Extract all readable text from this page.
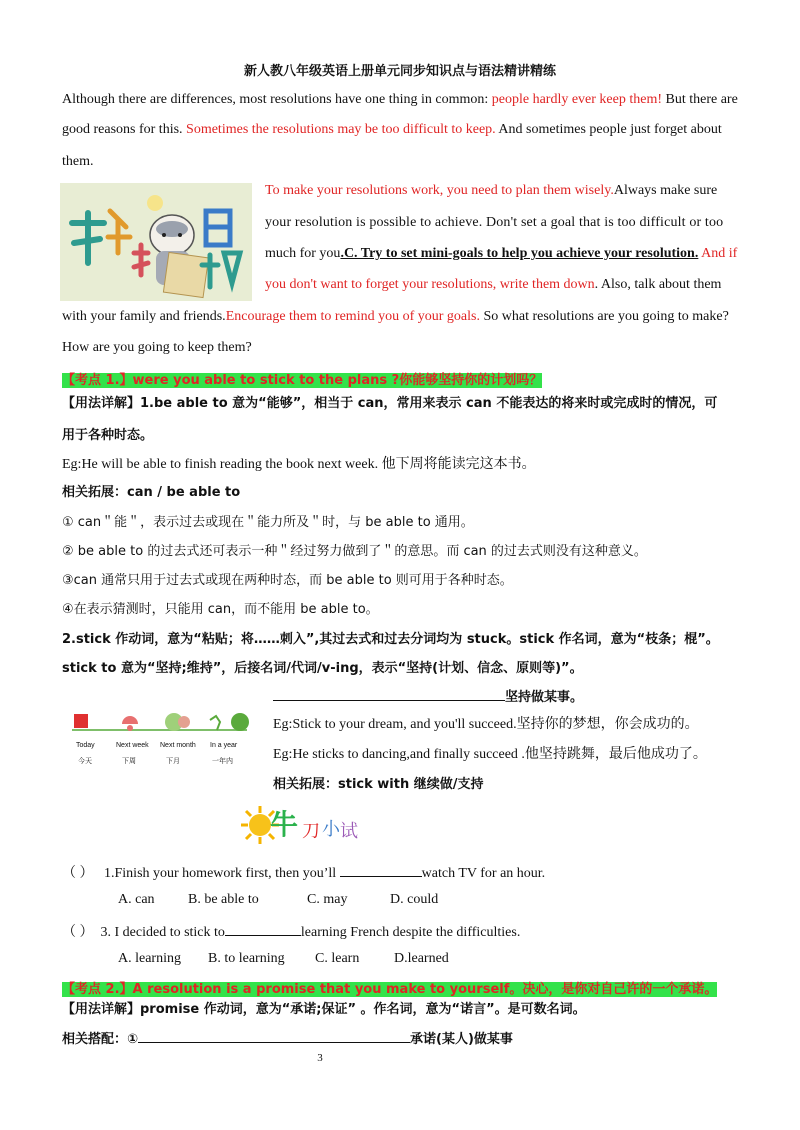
新人教八年级英语上册单元同步知识点与语法精讲精练
Although there are differences, most resolutions have one thing in common: people hardly ever keep them! But there are
good reasons for this. Sometimes the resolutions may be too difficult to keep. And sometimes people just forget about
them.
To make your resolutions work, you need to plan them wisely.Always make sure
your resolution is possible to achieve. Don't set a goal that is too difficult or too
much for you.C. Try to set mini-goals to help you achieve your resolution. And if
you don't want to forget your resolutions, write them down. Also, talk about them
with your family and friends.Encourage them to remind you of your goals. So what resolutions are you going to make?
How are you going to keep them?
【考点 1.】were you able to stick to the plans ?你能够坚持你的计划吗？
【用法详解】1.be able to 意为“能够”，相当于 can，常用来表示 can 不能表达的将来时或完成时的情况，可
用于各种时态。
Eg:He will be able to finish reading the book next week. 他下周将能读完这本书。
相关拓展：can / be able to
① can＂能＂，表示过去或现在＂能力所及＂时，与 be able to 通用。
② be able to 的过去式还可表示一种＂经过努力做到了＂的意思。而 can 的过去式则没有这种意义。
③can 通常只用于过去式或现在两种时态，而 be able to 则可用于各种时态。
④在表示猜测时，只能用 can，而不能用 be able to。
2.stick 作动词，意为“粘贴；将……刺入”,其过去式和过去分词均为 stuck。stick 作名词，意为“枝条；棍”。
stick to 意为“坚持;维持”，后接名词/代词/v-ing，表示“坚持(计划、信念、原则等)”。
Today	Next week Next month In a year
今天	下周	下月	一年内
坚持做某事。
Eg:Stick to your dream, and you'll succeed.坚持你的梦想，你会成功的。
Eg:He sticks to dancing,and finally succeed .他坚持跳舞，最后他成功了。
相关拓展：stick with 继续做/支持
牛 刀 小 试
（ ） 1.Finish your homework first, then you’ll	watch TV for an hour.
A. can B. be able to	C. may	D. could
（ ） 3. I decided to stick to	learning French despite the difficulties.
A. learning B. to learning C. learn D.learned
【考点 2.】A resolution is a promise that you make to yourself。决心，是你对自己许的一个承诺。
【用法详解】promise 作动词，意为“承诺;保证” 。作名词，意为“诺言”。是可数名词。
相关搭配：①	承诺(某人)做某事
3
